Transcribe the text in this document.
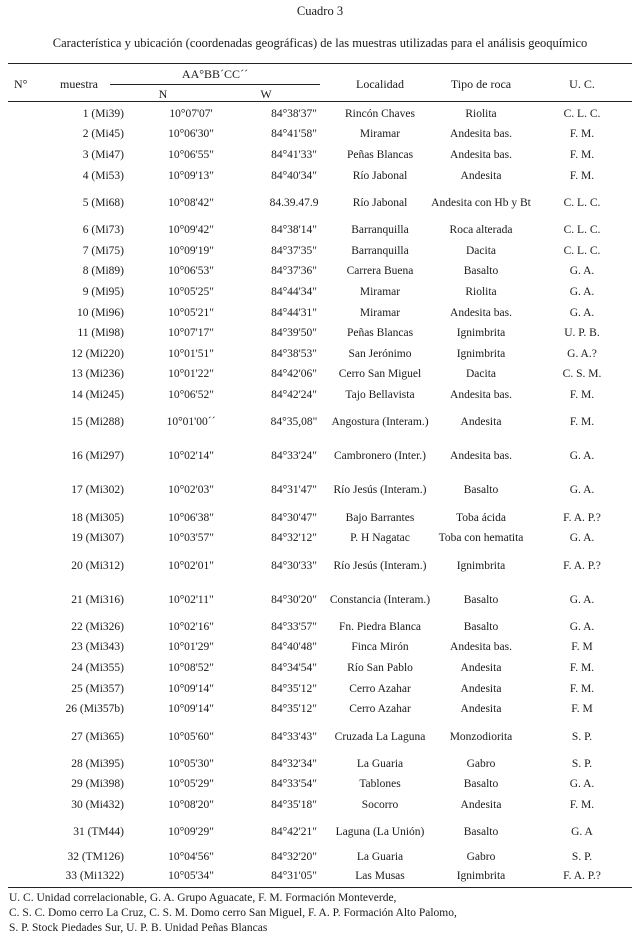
Cuadro 3
Característica y ubicación (coordenadas geográficas) de las muestras utilizadas para el análisis geoquímico
N°	muestra
AA°BB´CC´´
N	W
Localidad	Tipo de roca	U. C.
1 (Mi39)	10°07'07'	84°38'37"	Rincón Chaves	Riolita	C. L. C.
2 (Mi45)	10°06'30"	84°41'58"	Miramar	Andesita bas.	F. M.
3 (Mi47)	10°06'55"	84°41'33"	Peñas Blancas	Andesita bas.	F. M.
4 (Mi53)	10°09'13"	84°40'34"	Río Jabonal	Andesita	F. M.
5 (Mi68)	10°08'42"	84.39.47.9	Río Jabonal	Andesita con Hb y Bt	C. L. C.
6 (Mi73)	10°09'42"	84°38'14"	Barranquilla	Roca alterada	C. L. C.
7 (Mi75)	10°09'19"	84°37'35"	Barranquilla	Dacita	C. L. C.
8 (Mi89)	10°06'53"	84°37'36"	Carrera Buena	Basalto	G. A.
9 (Mi95)	10°05'25"	84°44'34"	Miramar	Riolita	G. A.
10 (Mi96)	10°05'21"	84°44'31"	Miramar	Andesita bas.	G. A.
11 (Mi98)	10°07'17"	84°39'50"	Peñas Blancas	Ignimbrita	U. P. B.
12 (Mi220)	10°01'51"	84°38'53"	San Jerónimo	Ignimbrita	G. A.?
13 (Mi236)	10°01'22"	84°42'06"	Cerro San Miguel	Dacita	C. S. M.
14 (Mi245)	10°06'52"	84°42'24"	Tajo Bellavista	Andesita bas.	F. M.
15 (Mi288)	10°01'00´´	84°35,08"	Angostura (Interam.)	Andesita	F. M.
16 (Mi297)	10°02'14"	84°33'24"	Cambronero (Inter.)	Andesita bas.	G. A.
17 (Mi302)	10°02'03"	84°31'47"	Río Jesús (Interam.)	Basalto	G. A.
18 (Mi305)	10°06'38"	84°30'47"	Bajo Barrantes	Toba ácida	F. A. P.?
19 (Mi307)	10°03'57"	84°32'12"	P. H Nagatac	Toba con hematita	G. A.
20 (Mi312)	10°02'01"	84°30'33"	Río Jesús (Interam.)	Ignimbrita	F. A. P.?
21 (Mi316)	10°02'11"	84°30'20"	Constancia (Interam.)	Basalto	G. A.
22 (Mi326)	10°02'16"	84°33'57"	Fn. Piedra Blanca	Basalto	G. A.
23 (Mi343)	10°01'29"	84°40'48"	Finca Mirón	Andesita bas.	F. M
24 (Mi355)	10°08'52"	84°34'54"	Río San Pablo	Andesita	F. M.
25 (Mi357)	10°09'14"	84°35'12"	Cerro Azahar	Andesita	F. M.
26 (Mi357b)	10°09'14"	84°35'12"	Cerro Azahar	Andesita	F. M
27 (Mi365)	10°05'60"	84°33'43"	Cruzada La Laguna	Monzodiorita	S. P.
28 (Mi395)	10°05'30"	84°32'34"	La Guaria	Gabro	S. P.
29 (Mi398)	10°05'29"	84°33'54"	Tablones	Basalto	G. A.
30 (Mi432)	10°08'20"	84°35'18"	Socorro	Andesita	F. M.
31 (TM44)	10°09'29"	84°42'21"	Laguna (La Unión)	Basalto	G. A
32 (TM126)	10°04'56"	84°32'20"	La Guaria	Gabro	S. P.
33 (Mi1322)	10°05'34"	84°31'05"	Las Musas	Ignimbrita	F. A. P.?
U. C. Unidad correlacionable, G. A. Grupo Aguacate, F. M. Formación Monteverde,
C. S. C. Domo cerro La Cruz, C. S. M. Domo cerro San Miguel, F. A. P. Formación Alto Palomo,
S. P. Stock Piedades Sur, U. P. B. Unidad Peñas Blancas
